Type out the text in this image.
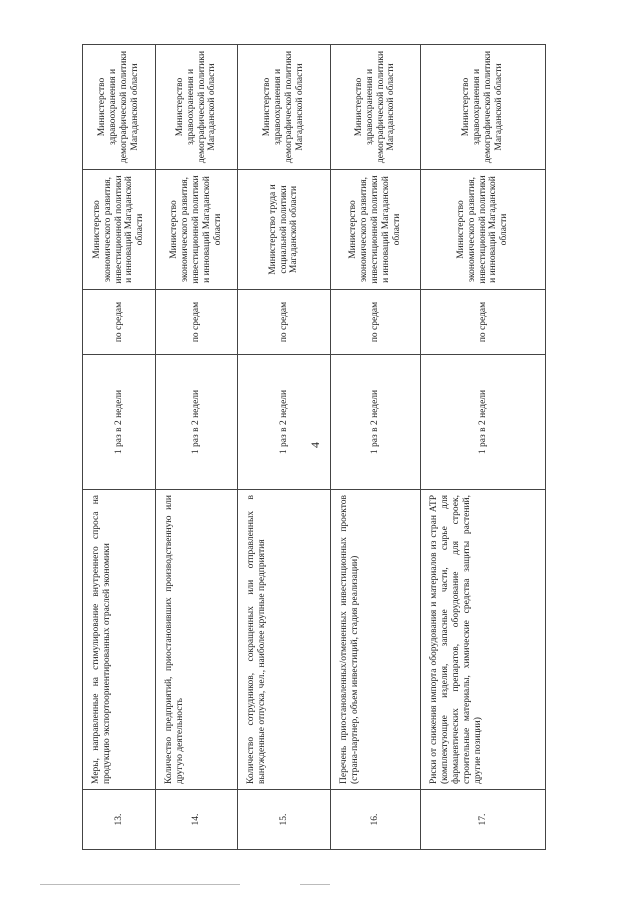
4
13.	Меры, направленные на стимулирование внутреннего спроса на продукцию экспортоориентированных отраслей экономики	1 раз в 2 недели	по средам	Министерство экономического развития, инвестиционной политики и инноваций Магаданской области	Министерство здравоохранения и демографической политики Магаданской области
14.	Количество предприятий, приостановивших производственную или другую деятельность	1 раз в 2 недели	по средам	Министерство экономического развития, инвестиционной политики и инноваций Магаданской области	Министерство здравоохранения и демографической политики Магаданской области
15.	Количество сотрудников, сокращенных или отправленных в вынужденные отпуска, чел., наиболее крупные предприятия	1 раз в 2 недели	по средам	Министерство труда и социальной политики Магаданской области	Министерство здравоохранения и демографической политики Магаданской области
16.	Перечень приостановленных/отмененных инвестиционных проектов (страна-партнер, объем инвестиций, стадия реализации)	1 раз в 2 недели	по средам	Министерство экономического развития, инвестиционной политики и инноваций Магаданской области	Министерство здравоохранения и демографической политики Магаданской области
17.	Риски от снижения импорта оборудования и материалов из стран АТР (комплектующие изделия, запасные части, сырье для фармацевтических препаратов, оборудование для строек, строительные материалы, химические средства защиты растений, другие позиции)	1 раз в 2 недели	по средам	Министерство экономического развития, инвестиционной политики и инноваций Магаданской области	Министерство здравоохранения и демографической политики Магаданской области
